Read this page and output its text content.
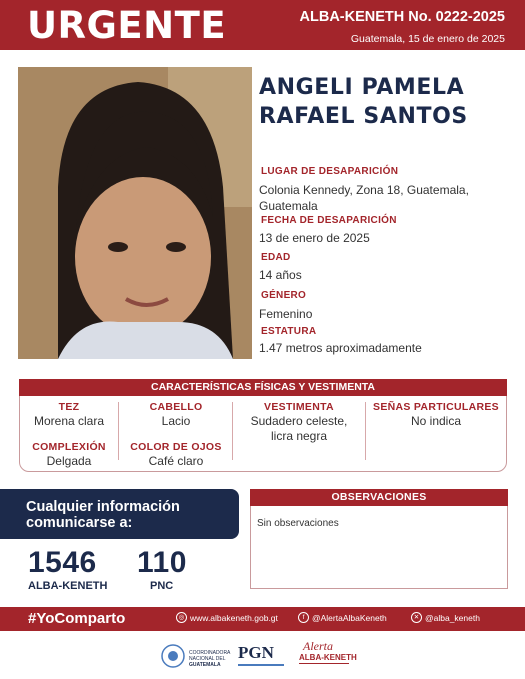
URGENTE	ALBA-KENETH No. 0222-2025
Guatemala, 15 de enero de 2025
ANGELI PAMELA
RAFAEL SANTOS
LUGAR DE DESAPARICIÓN
Colonia Kennedy, Zona 18, Guatemala,
Guatemala
FECHA DE DESAPARICIÓN
13 de enero de 2025
EDAD
14 años
GÉNERO
Femenino
ESTATURA
1.47 metros aproximadamente
CARACTERÍSTICAS FÍSICAS Y VESTIMENTA
TEZ
Morena clara
CABELLO
Lacio
VESTIMENTA
Sudadero celeste,
licra negra
SEÑAS PARTICULARES
No indica
COMPLEXIÓN
Delgada
COLOR DE OJOS
Café claro
Cualquier información
comunicarse a:
1546
ALBA-KENETH
110
PNC
OBSERVACIONES
Sin observaciones
#YoComparto	◎ www.albakeneth.gob.gt	f @AlertaAlbaKeneth	✕ @alba_keneth
COORDINADORA NACIONAL DEL
GUATEMALA
PGN Alerta
ALBA-KENETH
